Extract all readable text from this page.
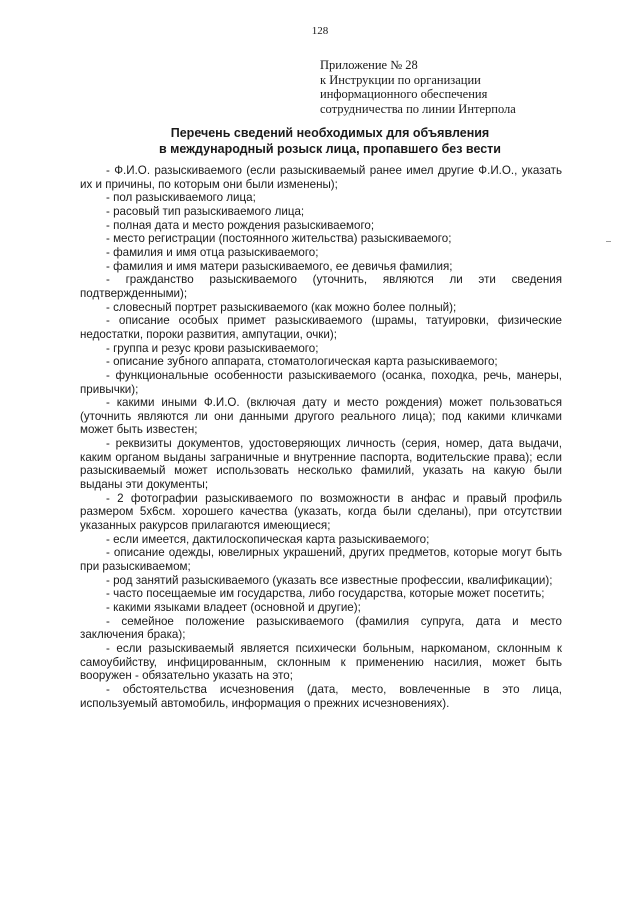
128
Приложение № 28
к Инструкции по организации
информационного обеспечения
сотрудничества по линии Интерпола
Перечень сведений необходимых для объявления
в международный розыск лица, пропавшего без вести
- Ф.И.О. разыскиваемого (если разыскиваемый ранее имел другие Ф.И.О., указать их и причины, по которым они были изменены);
- пол разыскиваемого лица;
- расовый тип разыскиваемого лица;
- полная дата и место рождения разыскиваемого;
- место регистрации (постоянного жительства) разыскиваемого;
- фамилия и имя отца разыскиваемого;
- фамилия и имя матери разыскиваемого, ее девичья фамилия;
- гражданство разыскиваемого (уточнить, являются ли эти сведения подтвержденными);
- словесный портрет разыскиваемого (как можно более полный);
- описание особых примет разыскиваемого (шрамы, татуировки, физические недостатки, пороки развития, ампутации, очки);
- группа и резус крови разыскиваемого;
- описание зубного аппарата, стоматологическая карта разыскиваемого;
- функциональные особенности разыскиваемого (осанка, походка, речь, манеры, привычки);
- какими иными Ф.И.О. (включая дату и место рождения) может пользоваться (уточнить являются ли они данными другого реального лица); под какими кличками может быть известен;
- реквизиты документов, удостоверяющих личность (серия, номер, дата выдачи, каким органом выданы заграничные и внутренние паспорта, водительские права); если разыскиваемый может использовать несколько фамилий, указать на какую были выданы эти документы;
- 2 фотографии разыскиваемого по возможности в анфас и правый профиль размером 5х6см. хорошего качества (указать, когда были сделаны), при отсутствии указанных ракурсов прилагаются имеющиеся;
- если имеется, дактилоскопическая карта разыскиваемого;
- описание одежды, ювелирных украшений, других предметов, которые могут быть при разыскиваемом;
- род занятий разыскиваемого (указать все известные профессии, квалификации);
- часто посещаемые им государства, либо государства, которые может посетить;
- какими языками владеет (основной и другие);
- семейное положение разыскиваемого (фамилия супруга, дата и место заключения брака);
- если разыскиваемый является психически больным, наркоманом, склонным к самоубийству, инфицированным, склонным к применению насилия, может быть вооружен - обязательно указать на это;
- обстоятельства исчезновения (дата, место, вовлеченные в это лица, используемый автомобиль, информация о прежних исчезновениях).
